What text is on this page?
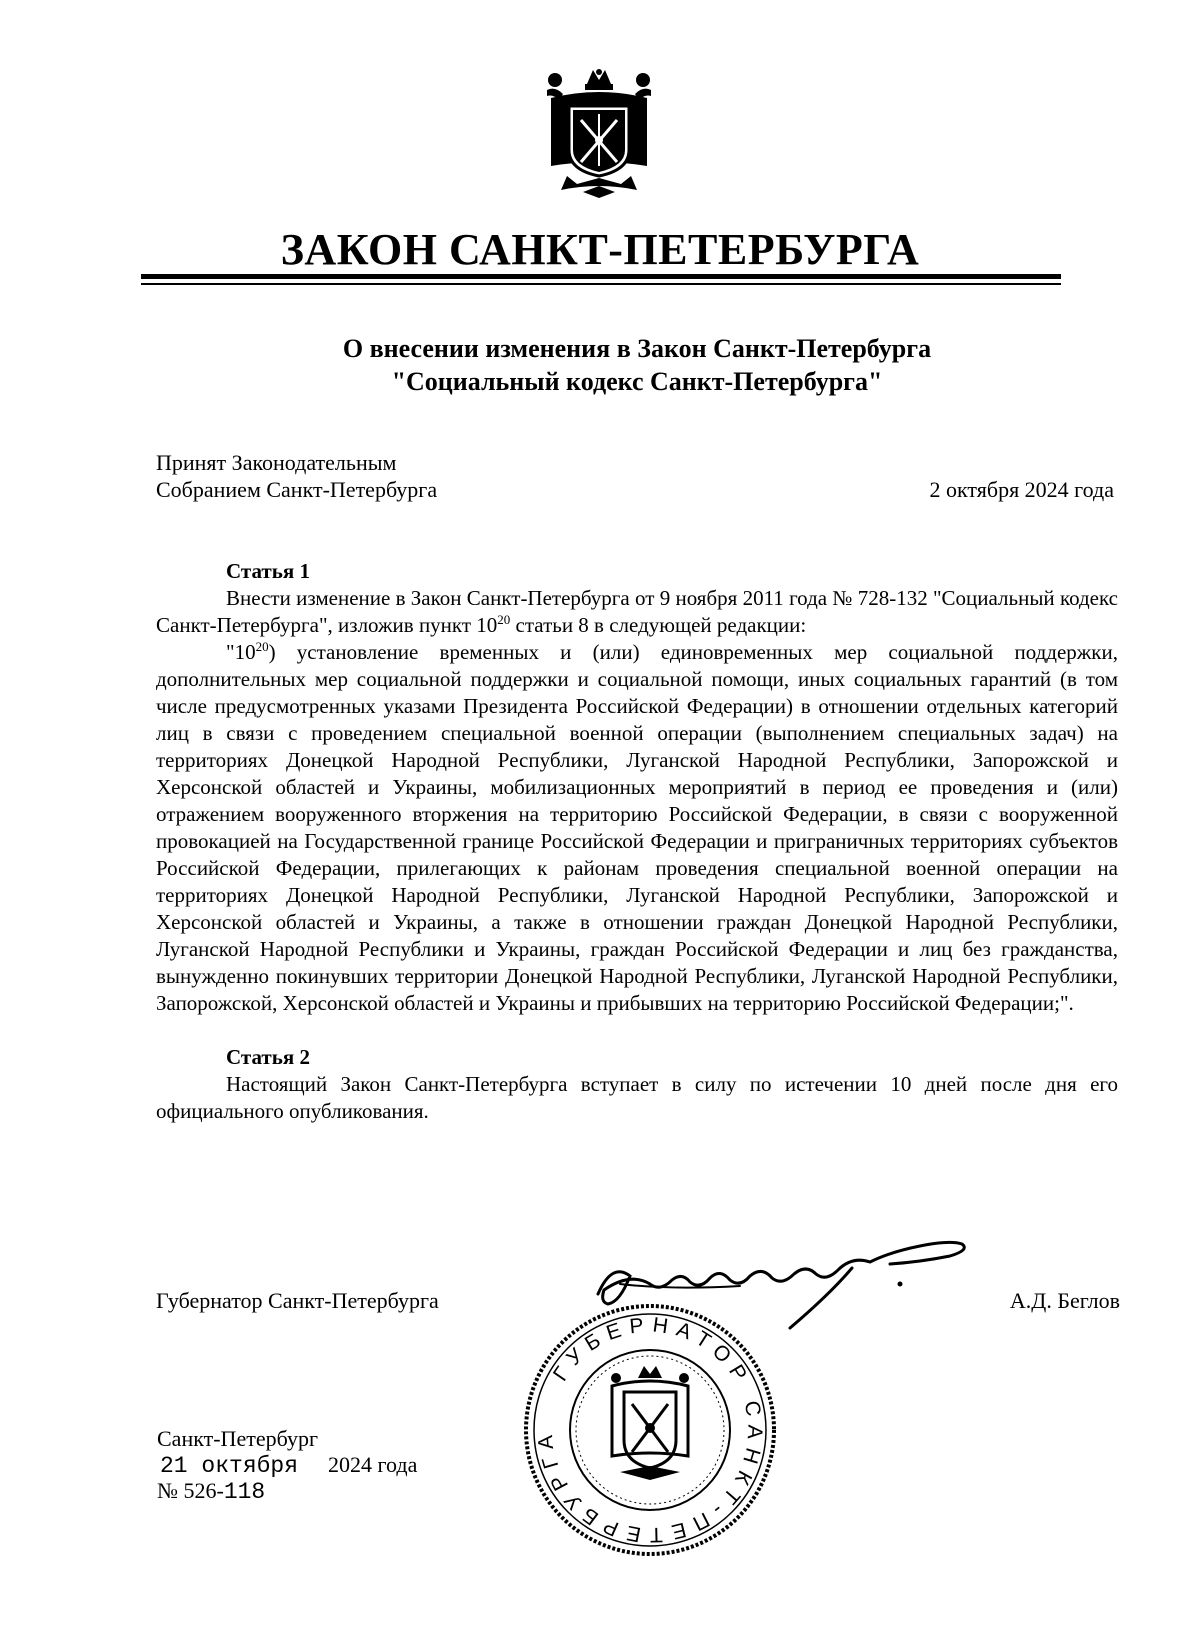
ЗАКОН САНКТ-ПЕТЕРБУРГА
О внесении изменения в Закон Санкт-Петербурга
"Социальный кодекс Санкт-Петербурга"
Принят Законодательным
Собранием Санкт-Петербурга	2 октября 2024 года
Статья 1
Внести изменение в Закон Санкт-Петербурга от 9 ноября 2011 года № 728-132 "Социальный кодекс Санкт-Петербурга", изложив пункт $10^{20}$ статьи 8 в следующей редакции:
"$10^{20}$) установление временных и (или) единовременных мер социальной поддержки, дополнительных мер социальной поддержки и социальной помощи, иных социальных гарантий (в том числе предусмотренных указами Президента Российской Федерации) в отношении отдельных категорий лиц в связи с проведением специальной военной операции (выполнением специальных задач) на территориях Донецкой Народной Республики, Луганской Народной Республики, Запорожской и Херсонской областей и Украины, мобилизационных мероприятий в период ее проведения и (или) отражением вооруженного вторжения на территорию Российской Федерации, в связи с вооруженной провокацией на Государственной границе Российской Федерации и приграничных территориях субъектов Российской Федерации, прилегающих к районам проведения специальной военной операции на территориях Донецкой Народной Республики, Луганской Народной Республики, Запорожской и Херсонской областей и Украины, а также в отношении граждан Донецкой Народной Республики, Луганской Народной Республики и Украины, граждан Российской Федерации и лиц без гражданства, вынужденно покинувших территории Донецкой Народной Республики, Луганской Народной Республики, Запорожской, Херсонской областей и Украины и прибывших на территорию Российской Федерации;".
Статья 2
Настоящий Закон Санкт-Петербурга вступает в силу по истечении 10 дней после дня его официального опубликования.
Губернатор Санкт-Петербурга	А.Д. Беглов
ГУБЕРНАТОР САНКТ-ПЕТЕРБУРГА
Санкт-Петербург
21 октября 2024 года
№ 526-118
